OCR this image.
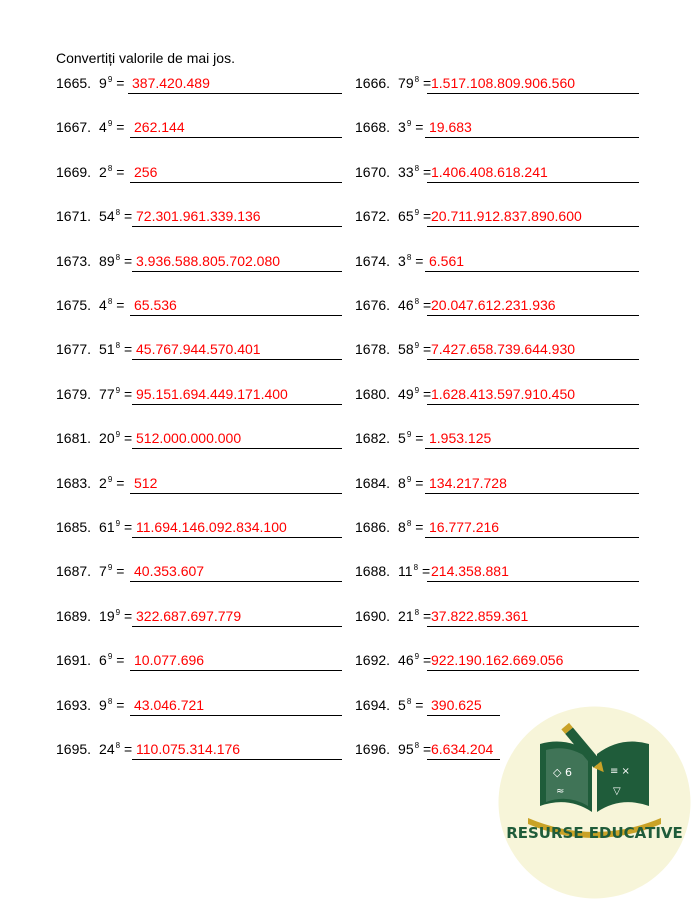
Convertiți valorile de mai jos.
1665. $9^9 = 387.420.489$	1666. $79^8 = 1.517.108.809.906.560$
1667. $4^9 = 262.144$	1668. $3^9 = 19.683$
1669. $2^8 = 256$	1670. $33^8 = 1.406.408.618.241$
1671. $54^8 = 72.301.961.339.136$	1672. $65^9 = 20.711.912.837.890.600$
1673. $89^8 = 3.936.588.805.702.080$	1674. $3^8 = 6.561$
1675. $4^8 = 65.536$	1676. $46^8 = 20.047.612.231.936$
1677. $51^8 = 45.767.944.570.401$	1678. $58^9 = 7.427.658.739.644.930$
1679. $77^9 = 95.151.694.449.171.400$	1680. $49^9 = 1.628.413.597.910.450$
1681. $20^9 = 512.000.000.000$	1682. $5^9 = 1.953.125$
1683. $2^9 = 512$	1684. $8^9 = 134.217.728$
1685. $61^9 = 11.694.146.092.834.100$	1686. $8^8 = 16.777.216$
1687. $7^9 = 40.353.607$	1688. $11^8 = 214.358.881$
1689. $19^9 = 322.687.697.779$	1690. $21^8 = 37.822.859.361$
1691. $6^9 = 10.077.696$	1692. $46^9 = 922.190.162.669.056$
1693. $9^8 = 43.046.721$	1694. $5^8 = 390.625$
1695. $24^8 = 110.075.314.176$	1696. $95^8 = 6.634.204$
◇ 6
≈
≡ ×
▽
RESURSE EDUCATIVE
